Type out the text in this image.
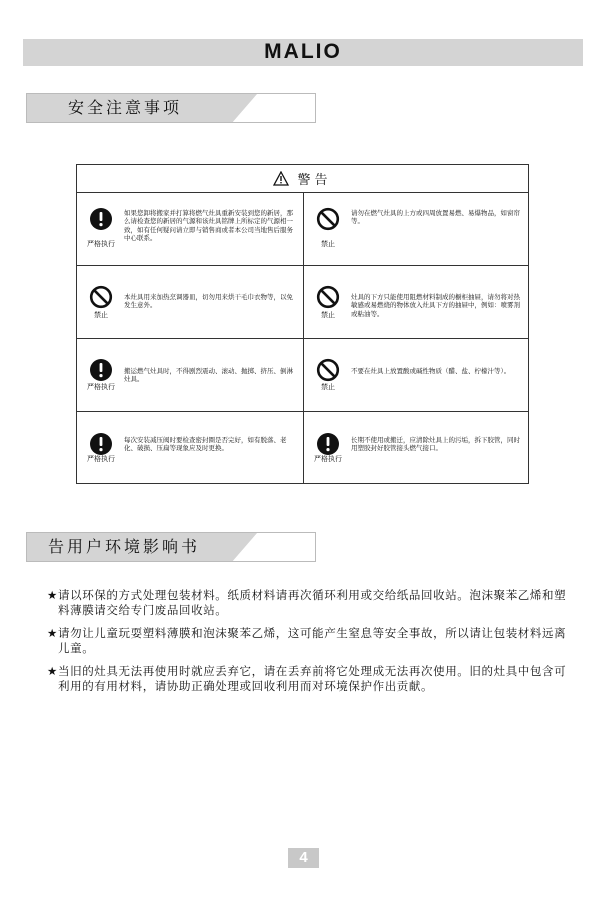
MALIO
安全注意事项
警告
严格执行
如果您卸将搬家并打算将燃气灶具重新安装到您的新居，那么请检查您的新居的气源和该灶具铭牌上所标定的气源相一致，如有任何疑问请立即与销售商或者本公司当地售后服务中心联系。
禁止
请勿在燃气灶具的上方或四周放置易燃、易爆物品，如窗帘等。
禁止
本灶具用来加热烹调器皿，切勿用来烘干毛巾衣物等，以免发生意外。
禁止
灶具的下方只能使用阻燃材料制成的橱柜抽屉，请勿将对热敏感或易燃烧的物体放入灶具下方的抽屉中，例如：喷雾剂或粘油等。
严格执行
搬运燃气灶具时，不得剧烈震动、滚动、抛掷、挤压、倒淋灶具。
禁止
不要在灶具上放置酸或碱性物质（醋、盐、柠檬汁等）。
严格执行
每次安装减压阀时要检查密封圈是否完好，如有脱落、老化、破损、压扁等现象应及时更换。
严格执行
长期不使用或搬迁，应清除灶具上的污垢，拆下胶管，同时用塑胶封好胶管接头燃气接口。
告用户环境影响书
★ 请以环保的方式处理包装材料。纸质材料请再次循环利用或交给纸品回收站。泡沫聚苯乙烯和塑料薄膜请交给专门废品回收站。
★ 请勿让儿童玩耍塑料薄膜和泡沫聚苯乙烯，这可能产生窒息等安全事故，所以请让包装材料远离儿童。
★ 当旧的灶具无法再使用时就应丢弃它，请在丢弃前将它处理成无法再次使用。旧的灶具中包含可利用的有用材料，请协助正确处理或回收利用而对环境保护作出贡献。
4
